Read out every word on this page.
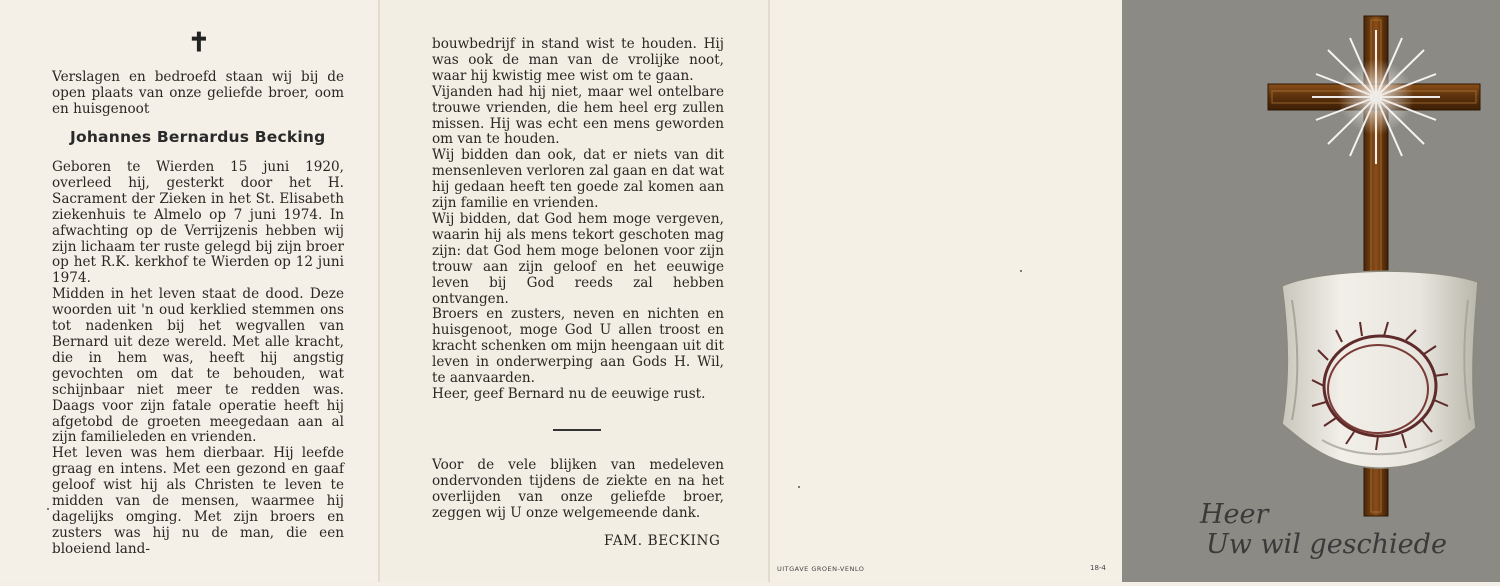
✝
Verslagen en bedroefd staan wij bij de open plaats van onze geliefde broer, oom en huisgenoot
Johannes Bernardus Becking

Geboren te Wierden 15 juni 1920, overleed hij, gesterkt door het H. Sacrament der Zieken in het St. Elisabeth ziekenhuis te Almelo op 7 juni 1974. In afwachting op de Verrijzenis hebben wij zijn lichaam ter ruste gelegd bij zijn broer op het R.K. kerkhof te Wierden op 12 juni 1974.

Midden in het leven staat de dood. Deze woorden uit 'n oud kerklied stemmen ons tot nadenken bij het wegvallen van Bernard uit deze wereld. Met alle kracht, die in hem was, heeft hij angstig gevochten om dat te behouden, wat schijnbaar niet meer te redden was. Daags voor zijn fatale operatie heeft hij afgetobd de groeten meegedaan aan al zijn familieleden en vrienden.

Het leven was hem dierbaar. Hij leefde graag en intens. Met een gezond en gaaf geloof wist hij als Christen te leven te midden van de mensen, waarmee hij dagelijks omging. Met zijn broers en zusters was hij nu de man, die een bloeiend land-

bouwbedrijf in stand wist te houden. Hij was ook de man van de vrolijke noot, waar hij kwistig mee wist om te gaan.

Vijanden had hij niet, maar wel ontelbare trouwe vrienden, die hem heel erg zullen missen. Hij was echt een mens geworden om van te houden.

Wij bidden dan ook, dat er niets van dit mensenleven verloren zal gaan en dat wat hij gedaan heeft ten goede zal komen aan zijn familie en vrienden.

Wij bidden, dat God hem moge vergeven, waarin hij als mens tekort geschoten mag zijn: dat God hem moge belonen voor zijn trouw aan zijn geloof en het eeuwige leven bij God reeds zal hebben ontvangen.

Broers en zusters, neven en nichten en huisgenoot, moge God U allen troost en kracht schenken om mijn heengaan uit dit leven in onderwerping aan Gods H. Wil, te aanvaarden.

Heer, geef Bernard nu de eeuwige rust.

Voor de vele blijken van medeleven ondervonden tijdens de ziekte en na het overlijden van onze geliefde broer, zeggen wij U onze welgemeende dank.
FAM. BECKING
UITGAVE GROEN-VENLO	18-4
Heer
Uw wil geschiede
